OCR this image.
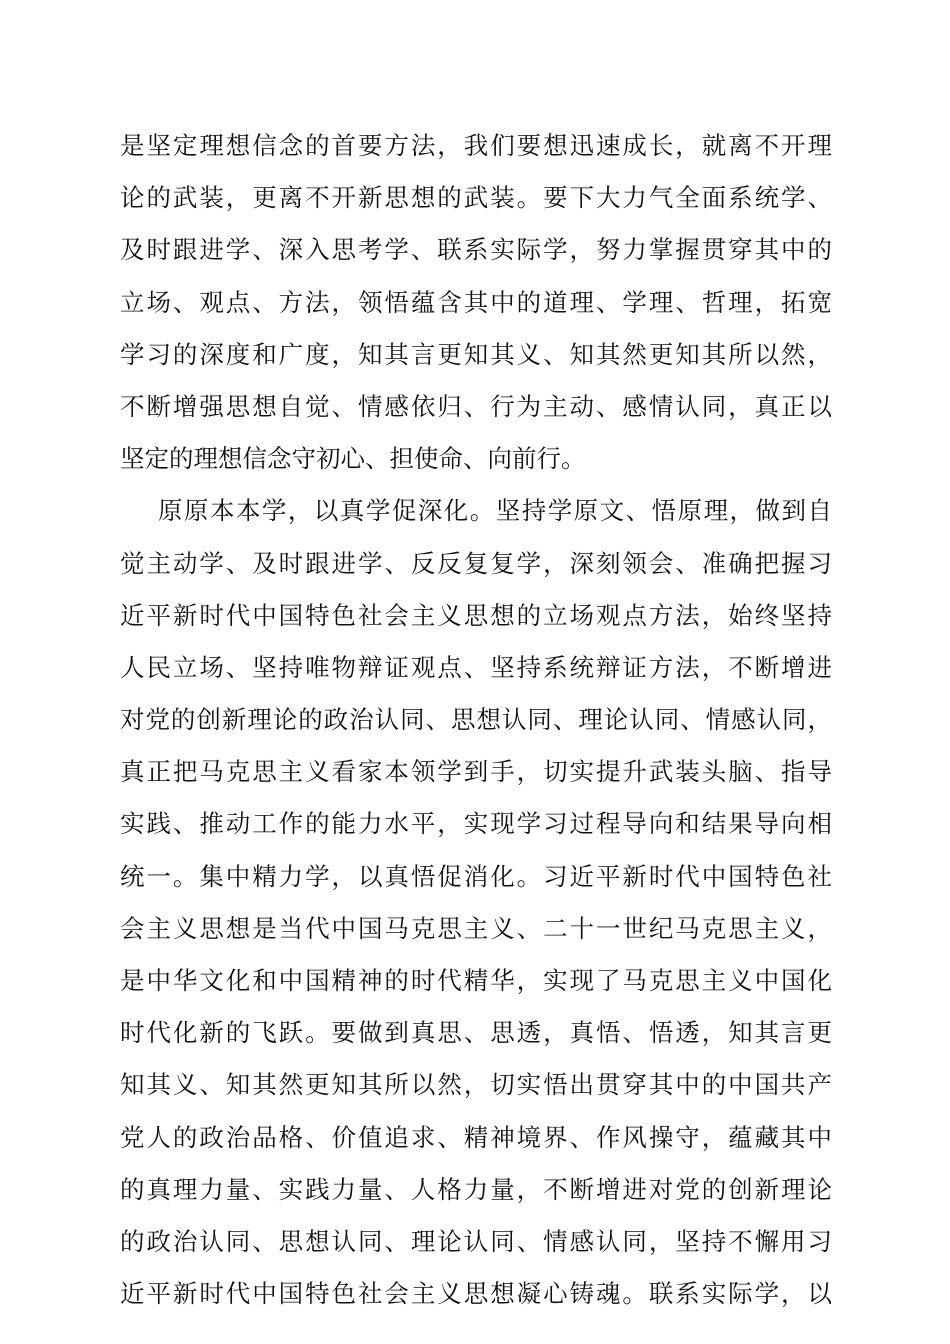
是坚定理想信念的首要方法，我们要想迅速成长，就离不开理
论的武装，更离不开新思想的武装。要下大力气全面系统学、
及时跟进学、深入思考学、联系实际学，努力掌握贯穿其中的
立场、观点、方法，领悟蕴含其中的道理、学理、哲理，拓宽
学习的深度和广度，知其言更知其义、知其然更知其所以然，
不断增强思想自觉、情感依归、行为主动、感情认同，真正以
坚定的理想信念守初心、担使命、向前行。
原原本本学，以真学促深化。坚持学原文、悟原理，做到自
觉主动学、及时跟进学、反反复复学，深刻领会、准确把握习
近平新时代中国特色社会主义思想的立场观点方法，始终坚持
人民立场、坚持唯物辩证观点、坚持系统辩证方法，不断增进
对党的创新理论的政治认同、思想认同、理论认同、情感认同，
真正把马克思主义看家本领学到手，切实提升武装头脑、指导
实践、推动工作的能力水平，实现学习过程导向和结果导向相
统一。集中精力学，以真悟促消化。习近平新时代中国特色社
会主义思想是当代中国马克思主义、二十一世纪马克思主义，
是中华文化和中国精神的时代精华，实现了马克思主义中国化
时代化新的飞跃。要做到真思、思透，真悟、悟透，知其言更
知其义、知其然更知其所以然，切实悟出贯穿其中的中国共产
党人的政治品格、价值追求、精神境界、作风操守，蕴藏其中
的真理力量、实践力量、人格力量，不断增进对党的创新理论
的政治认同、思想认同、理论认同、情感认同，坚持不懈用习
近平新时代中国特色社会主义思想凝心铸魂。联系实际学，以
